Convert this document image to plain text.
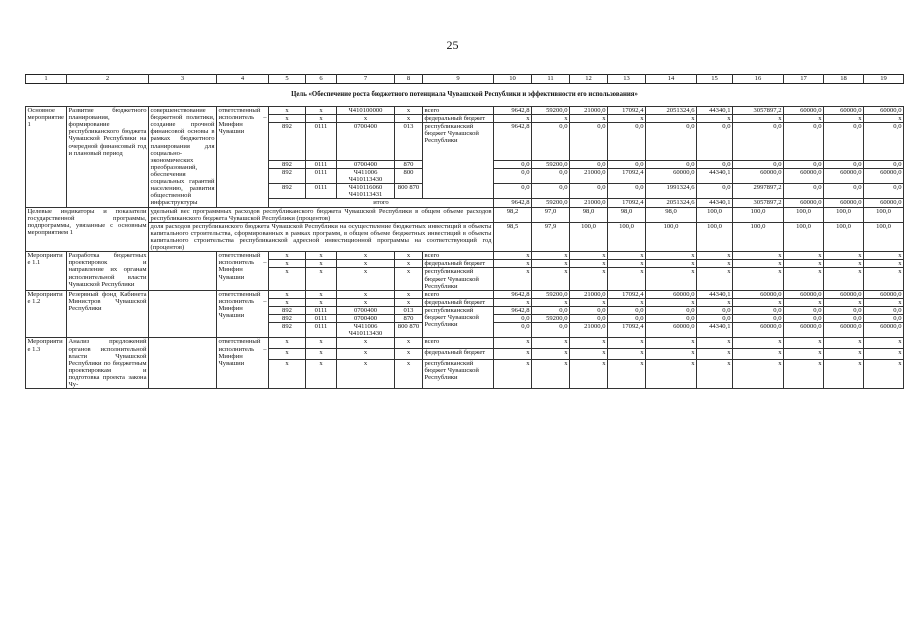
25
1	2	3	4	5	6	7	8	9	10	11	12	13	14	15	16	17	18	19
Цель «Обеспечение роста бюджетного потенциала Чувашской Республики и эффективности его использования»																		
Основное мероприятие 1	Развитие бюджетного планирования, формирование республиканского бюджета Чувашской Республики на очередной финансовый год и плановый период	совершенствование бюджетной политики, создание прочной финансовой основы в рамках бюджетного планирования для социально-экономических преобразований, обеспечения социальных гарантий населению, развития общественной инфраструктуры	ответственный исполнитель – Минфин Чувашии	x	x	Ч410100000	x	всего	9642,8	59200,0	21000,0	17092,4	2051324,6	44340,1	3057897,2	60000,0	60000,0	60000,0
				x	x	x	x	федеральный бюджет	x	x	x	x	x	x	x	x	x	x
				892	0111	0700400	013	республиканский бюджет Чувашской Республики	9642,8	0,0	0,0	0,0	0,0	0,0	0,0	0,0	0,0	0,0
				892	0111	0700400	870		0,0	59200,0	0,0	0,0	0,0	0,0	0,0	0,0	0,0	0,0
				892	0111	Ч411006 Ч410113430	800		0,0	0,0	21000,0	17092,4	60000,0	44340,1	60000,0	60000,0	60000,0	60000,0
				892	0111	Ч410116060 Ч410113431	800 870		0,0	0,0	0,0	0,0	1991324,6	0,0	2997897,2	0,0	0,0	0,0
				итого					9642,8	59200,0	21000,0	17092,4	2051324,6	44340,1	3057897,2	60000,0	60000,0	60000,0
Целевые индикаторы и показатели государственной программы, подпрограммы, увязанные с основным мероприятием 1		удельный вес программных расходов республиканского бюджета Чувашской Республики в общем объеме расходов республиканского бюджета Чувашской Республики (процентов)							98,2	97,0	98,0	98,0	98,0	100,0	100,0	100,0	100,0	100,0
		доля расходов республиканского бюджета Чувашской Республики на осуществление бюджетных инвестиций в объекты капитального строительства, сформированных в рамках программ, в общем объеме бюджетных инвестиций в объекты капитального строительства республиканской адресной инвестиционной программы на соответствующий год (процентов)							98,5	97,9	100,0	100,0	100,0	100,0	100,0	100,0	100,0	100,0
Мероприятие 1.1	Разработка бюджетных проектировок и направление их органам исполнительной власти Чувашской Республики		ответственный исполнитель – Минфин Чувашии	x	x	x	x	всего	x	x	x	x	x	x	x	x	x	x
				x	x	x	x	федеральный бюджет	x	x	x	x	x	x	x	x	x	x
				x	x	x	x	республиканский бюджет Чувашской Республики	x	x	x	x	x	x	x	x	x	x
Мероприятие 1.2	Резервный фонд Кабинета Министров Чувашской Республики		ответственный исполнитель – Минфин Чувашии	x	x	x	x	всего	9642,8	59200,0	21000,0	17092,4	60000,0	44340,1	60000,0	60000,0	60000,0	60000,0
				x	x	x	x	федеральный бюджет	x	x	x	x	x	x	x	x	x	x
				892	0111	0700400	013	республиканский бюджет Чувашской Республики	9642,8	0,0	0,0	0,0	0,0	0,0	0,0	0,0	0,0	0,0
				892	0111	0700400	870		0,0	59200,0	0,0	0,0	0,0	0,0	0,0	0,0	0,0	0,0
				892	0111	Ч411006 Ч410113430	800 870		0,0	0,0	21000,0	17092,4	60000,0	44340,1	60000,0	60000,0	60000,0	60000,0
Мероприятие 1.3	Анализ предложений органов исполнительной власти Чувашской Республики по бюджетным проектировкам и подготовка проекта закона Чу-		ответственный исполнитель – Минфин Чувашии	x	x	x	x	всего	x	x	x	x	x	x	x	x	x	x
				x	x	x	x	федеральный бюджет	x	x	x	x	x	x	x	x	x	x
				x	x	x	x	республиканский бюджет Чувашской Республики	x	x	x	x	x	x	x	x	x	x
